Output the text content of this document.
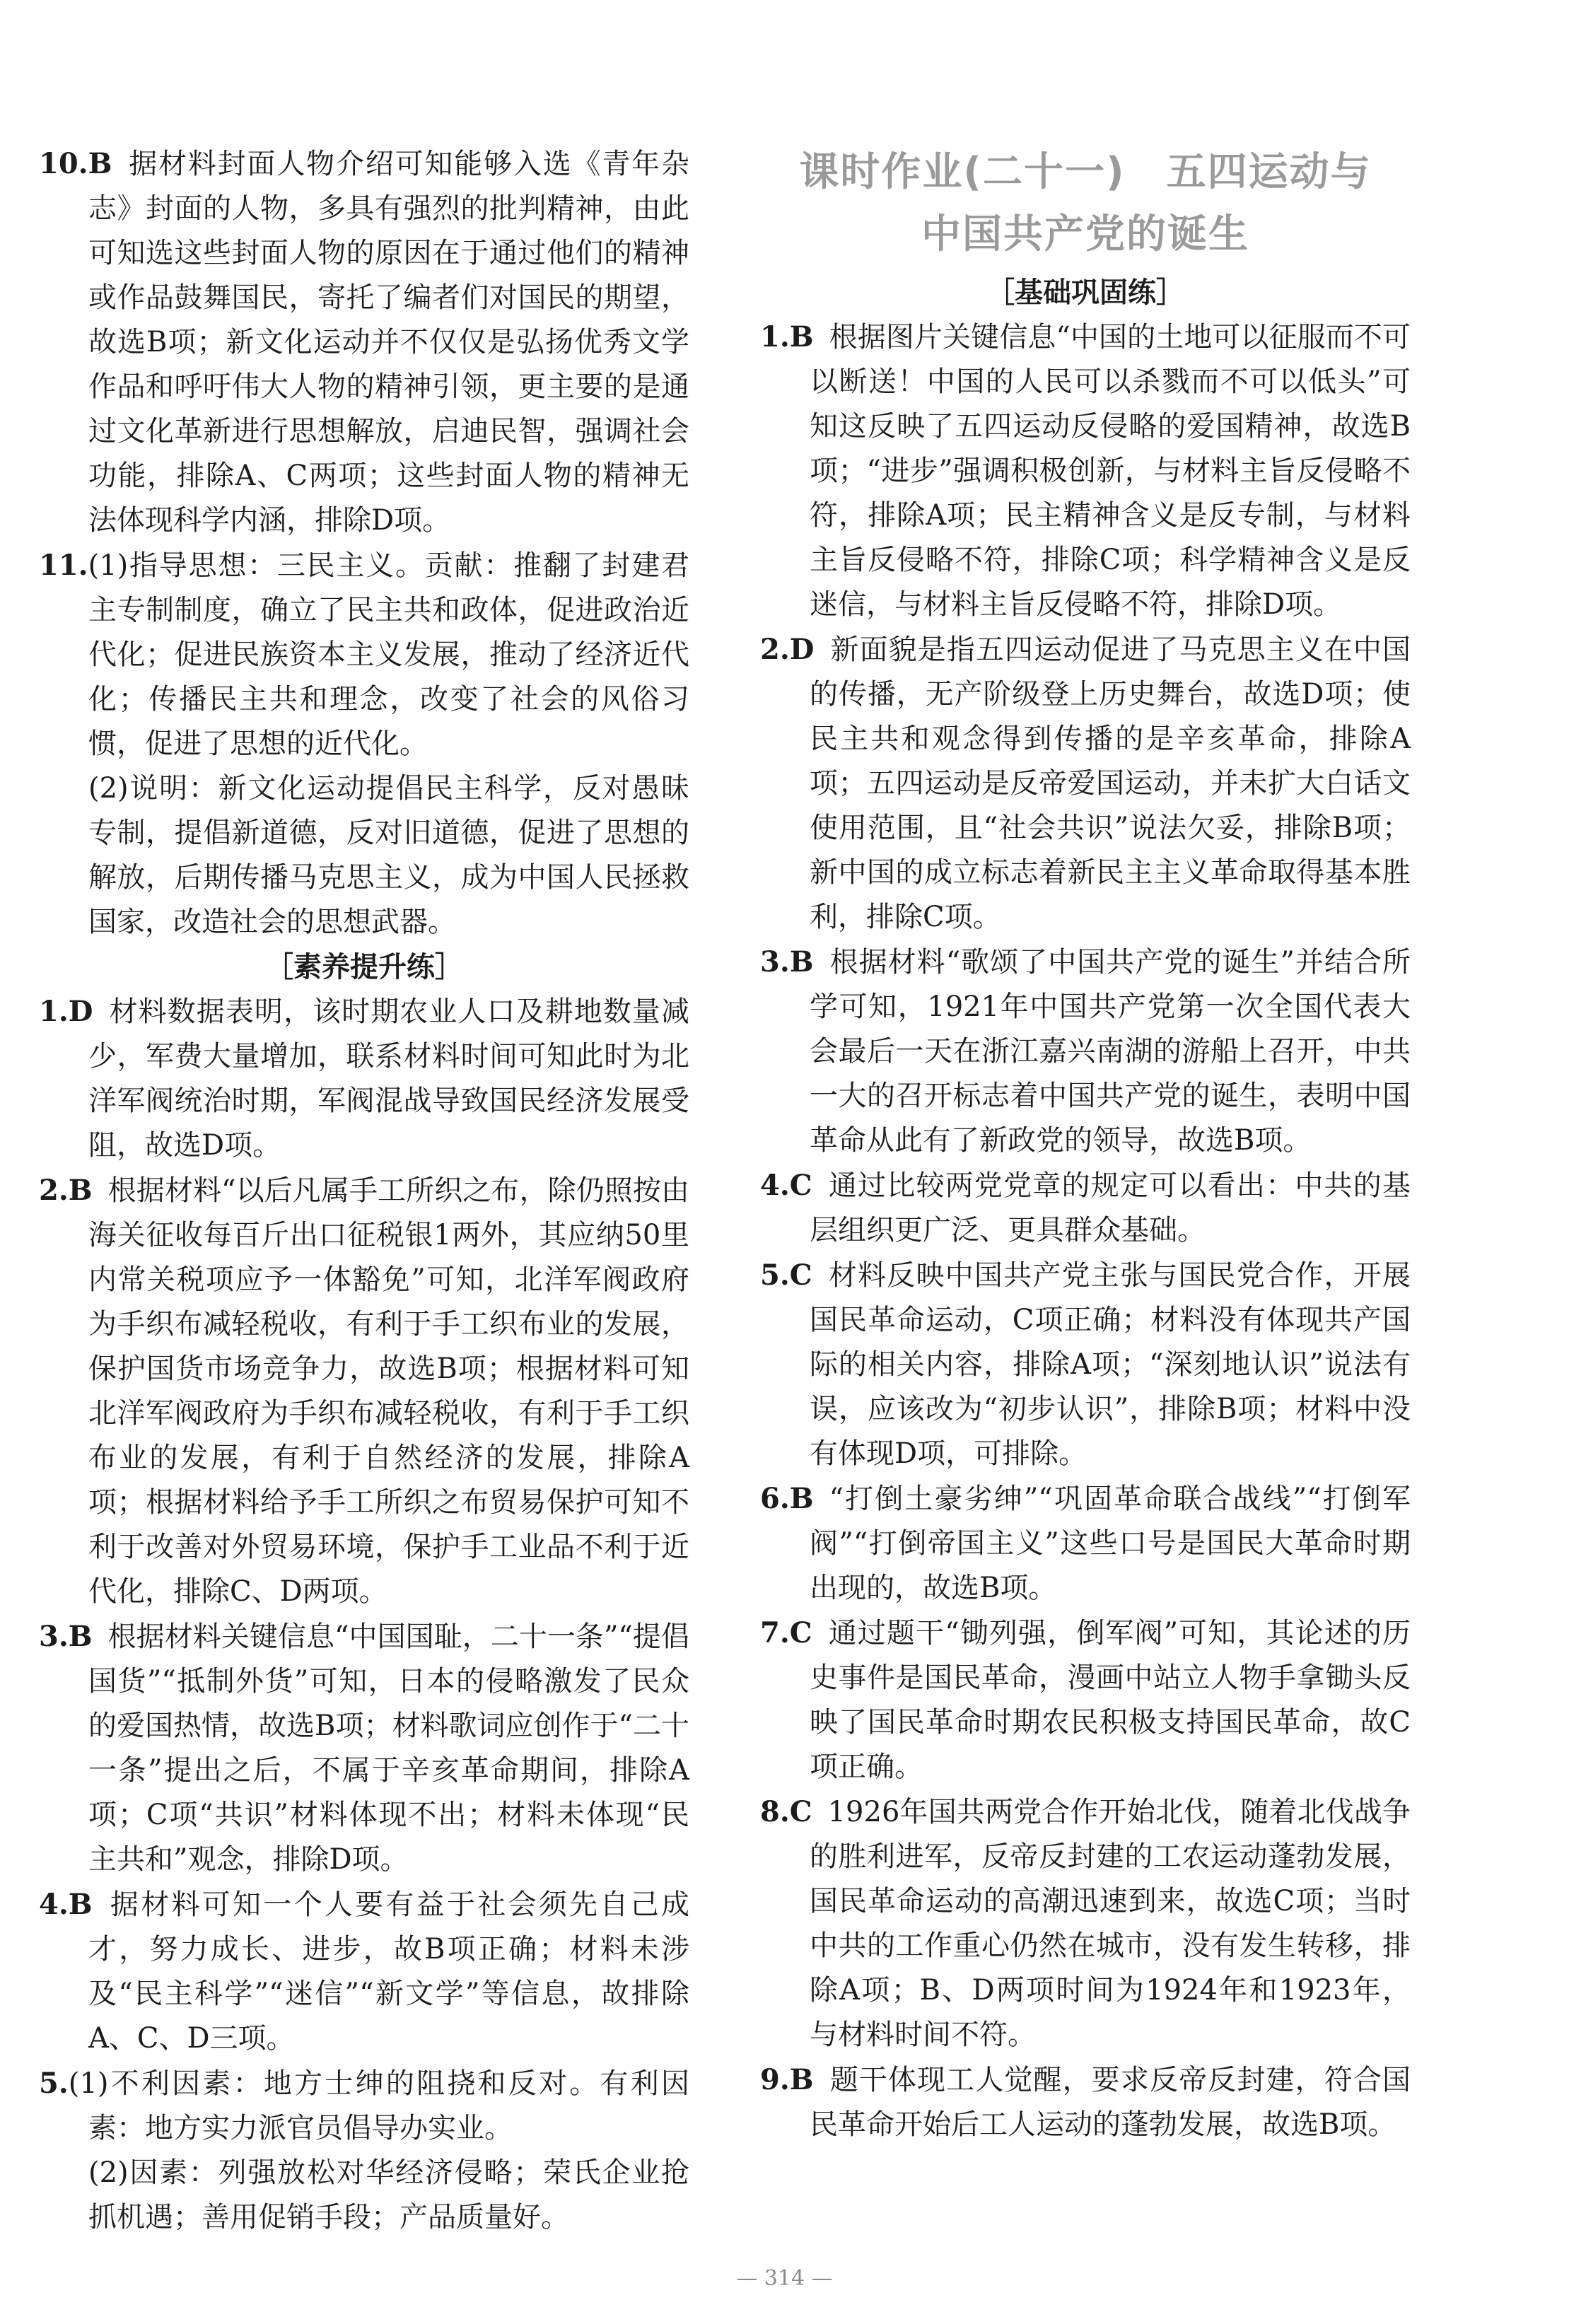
10.B 据材料封面人物介绍可知能够入选《青年杂志》封面的人物，多具有强烈的批判精神，由此可知选这些封面人物的原因在于通过他们的精神或作品鼓舞国民，寄托了编者们对国民的期望，故选B项；新文化运动并不仅仅是弘扬优秀文学作品和呼吁伟大人物的精神引领，更主要的是通过文化革新进行思想解放，启迪民智，强调社会功能，排除A、C两项；这些封面人物的精神无法体现科学内涵，排除D项。

11.(1)指导思想：三民主义。贡献：推翻了封建君主专制制度，确立了民主共和政体，促进政治近代化；促进民族资本主义发展，推动了经济近代化；传播民主共和理念，改变了社会的风俗习惯，促进了思想的近代化。

(2)说明：新文化运动提倡民主科学，反对愚昧专制，提倡新道德，反对旧道德，促进了思想的解放，后期传播马克思主义，成为中国人民拯救国家，改造社会的思想武器。

［素养提升练］

1.D 材料数据表明，该时期农业人口及耕地数量减少，军费大量增加，联系材料时间可知此时为北洋军阀统治时期，军阀混战导致国民经济发展受阻，故选D项。

2.B 根据材料“以后凡属手工所织之布，除仍照按由海关征收每百斤出口征税银1两外，其应纳50里内常关税项应予一体豁免”可知，北洋军阀政府为手织布减轻税收，有利于手工织布业的发展，保护国货市场竞争力，故选B项；根据材料可知北洋军阀政府为手织布减轻税收，有利于手工织布业的发展，有利于自然经济的发展，排除A项；根据材料给予手工所织之布贸易保护可知不利于改善对外贸易环境，保护手工业品不利于近代化，排除C、D两项。

3.B 根据材料关键信息“中国国耻，二十一条”“提倡国货”“抵制外货”可知，日本的侵略激发了民众的爱国热情，故选B项；材料歌词应创作于“二十一条”提出之后，不属于辛亥革命期间，排除A项；C项“共识”材料体现不出；材料未体现“民主共和”观念，排除D项。

4.B 据材料可知一个人要有益于社会须先自己成才，努力成长、进步，故B项正确；材料未涉及“民主科学”“迷信”“新文学”等信息，故排除A、C、D三项。

5.(1)不利因素：地方士绅的阻挠和反对。有利因素：地方实力派官员倡导办实业。

(2)因素：列强放松对华经济侵略；荣氏企业抢抓机遇；善用促销手段；产品质量好。

课时作业(二十一)　五四运动与
中国共产党的诞生
［基础巩固练］

1.B 根据图片关键信息“中国的土地可以征服而不可以断送！中国的人民可以杀戮而不可以低头”可知这反映了五四运动反侵略的爱国精神，故选B项；“进步”强调积极创新，与材料主旨反侵略不符，排除A项；民主精神含义是反专制，与材料主旨反侵略不符，排除C项；科学精神含义是反迷信，与材料主旨反侵略不符，排除D项。

2.D 新面貌是指五四运动促进了马克思主义在中国的传播，无产阶级登上历史舞台，故选D项；使民主共和观念得到传播的是辛亥革命，排除A项；五四运动是反帝爱国运动，并未扩大白话文使用范围，且“社会共识”说法欠妥，排除B项；新中国的成立标志着新民主主义革命取得基本胜利，排除C项。

3.B 根据材料“歌颂了中国共产党的诞生”并结合所学可知，1921年中国共产党第一次全国代表大会最后一天在浙江嘉兴南湖的游船上召开，中共一大的召开标志着中国共产党的诞生，表明中国革命从此有了新政党的领导，故选B项。

4.C 通过比较两党党章的规定可以看出：中共的基层组织更广泛、更具群众基础。

5.C 材料反映中国共产党主张与国民党合作，开展国民革命运动，C项正确；材料没有体现共产国际的相关内容，排除A项；“深刻地认识”说法有误，应该改为“初步认识”，排除B项；材料中没有体现D项，可排除。

6.B “打倒土豪劣绅”“巩固革命联合战线”“打倒军阀”“打倒帝国主义”这些口号是国民大革命时期出现的，故选B项。

7.C 通过题干“锄列强，倒军阀”可知，其论述的历史事件是国民革命，漫画中站立人物手拿锄头反映了国民革命时期农民积极支持国民革命，故C项正确。

8.C 1926年国共两党合作开始北伐，随着北伐战争的胜利进军，反帝反封建的工农运动蓬勃发展，国民革命运动的高潮迅速到来，故选C项；当时中共的工作重心仍然在城市，没有发生转移，排除A项；B、D两项时间为1924年和1923年，与材料时间不符。

9.B 题干体现工人觉醒，要求反帝反封建，符合国民革命开始后工人运动的蓬勃发展，故选B项。

— 314 —
